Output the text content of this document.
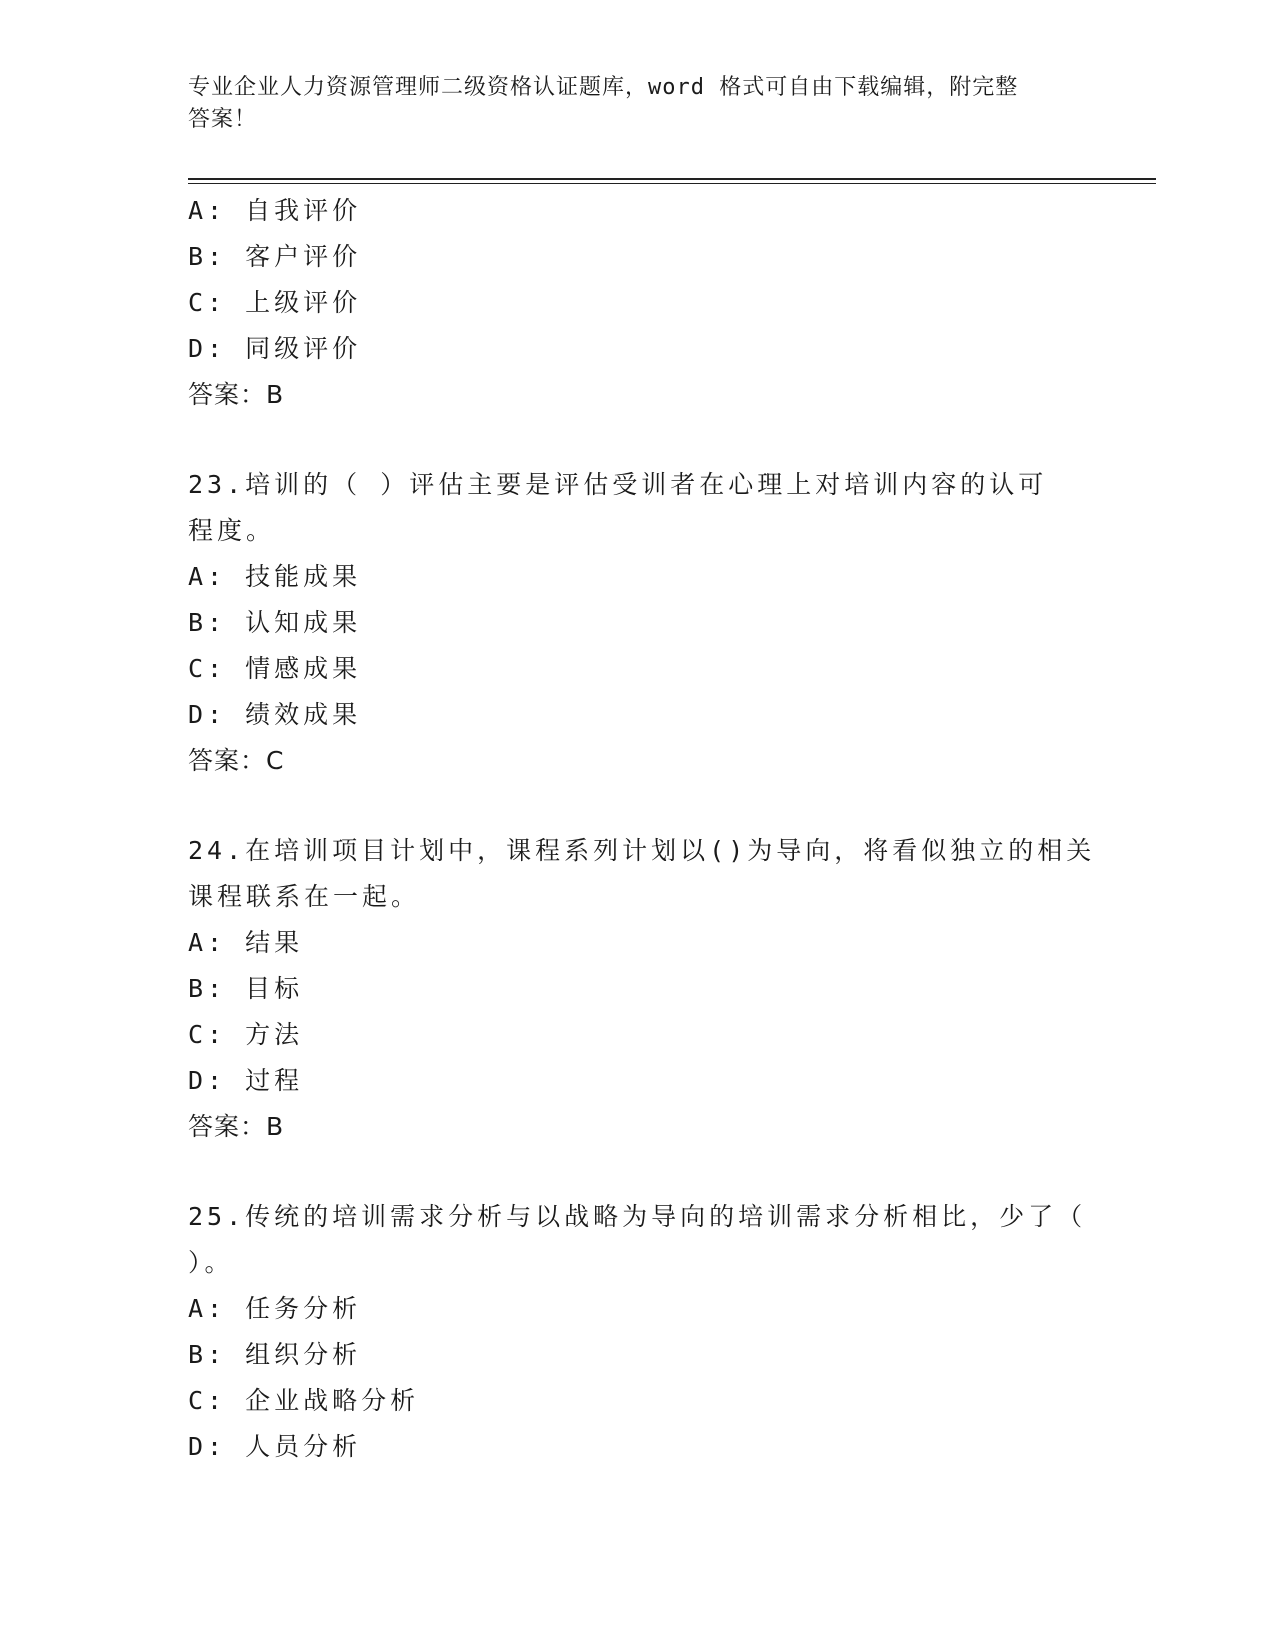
专业企业人力资源管理师二级资格认证题库，word 格式可自由下载编辑，附完整
答案！
A: 自我评价
B: 客户评价
C: 上级评价
D: 同级评价
答案：B
23.培训的（ ）评估主要是评估受训者在心理上对培训内容的认可
程度。
A: 技能成果
B: 认知成果
C: 情感成果
D: 绩效成果
答案：C
24.在培训项目计划中，课程系列计划以()为导向，将看似独立的相关
课程联系在一起。
A: 结果
B: 目标
C: 方法
D: 过程
答案：B
25.传统的培训需求分析与以战略为导向的培训需求分析相比，少了（
）。
A: 任务分析
B: 组织分析
C: 企业战略分析
D: 人员分析
